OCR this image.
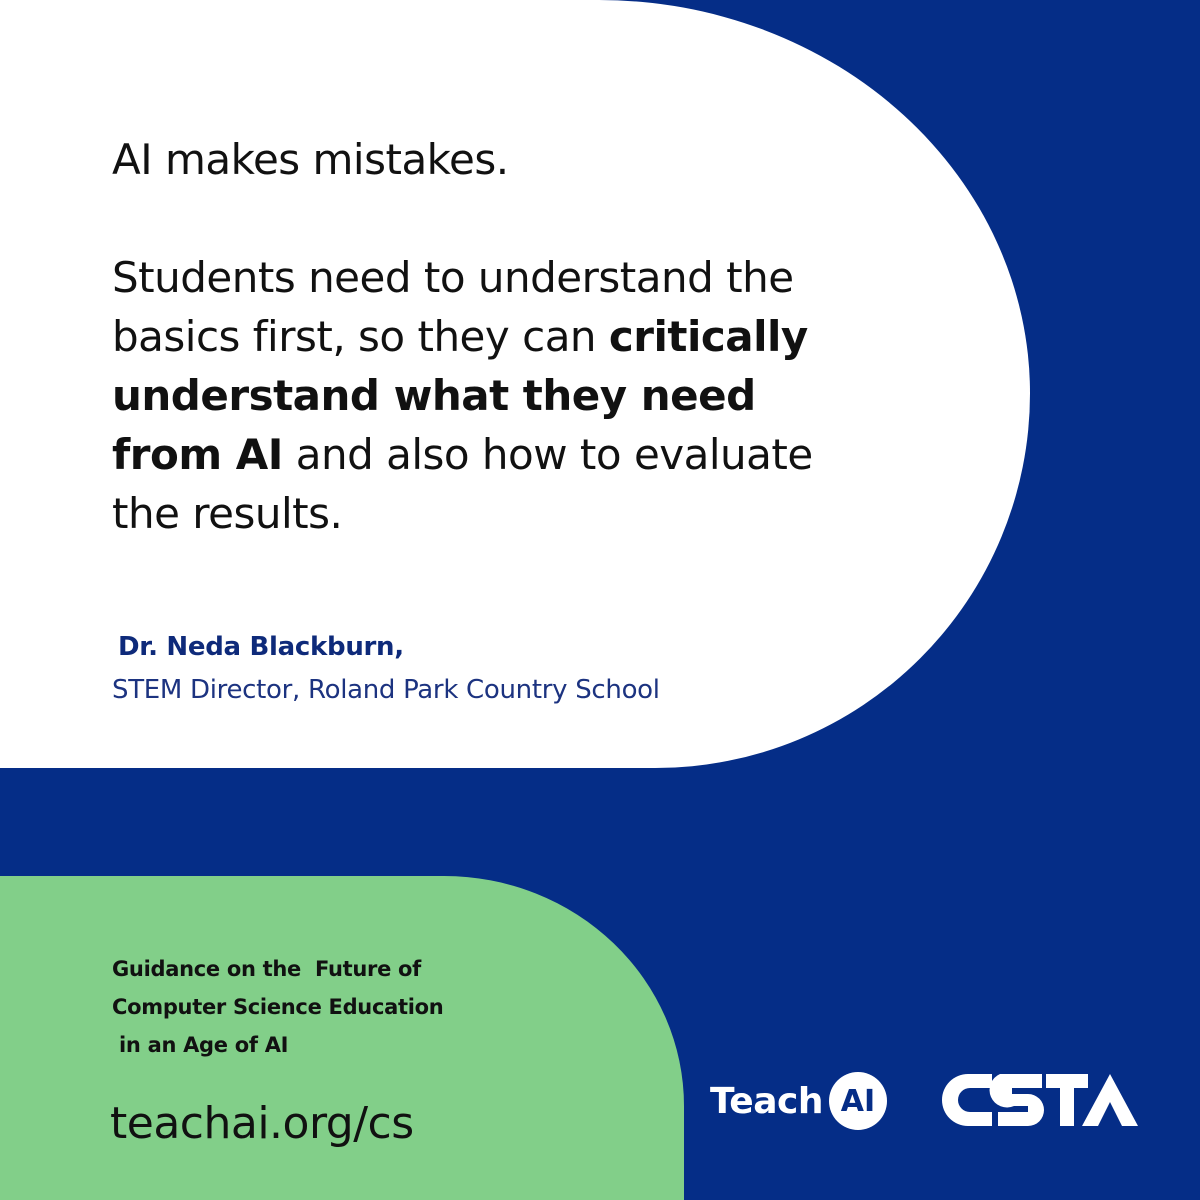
AI makes mistakes.

Students need to understand the basics first, so they can critically understand what they need from AI and also how to evaluate the results.

Dr. Neda Blackburn,
STEM Director, Roland Park Country School
Guidance on the  Future of
Computer Science Education
in an Age of AI
teachai.org/cs	Teach AI
